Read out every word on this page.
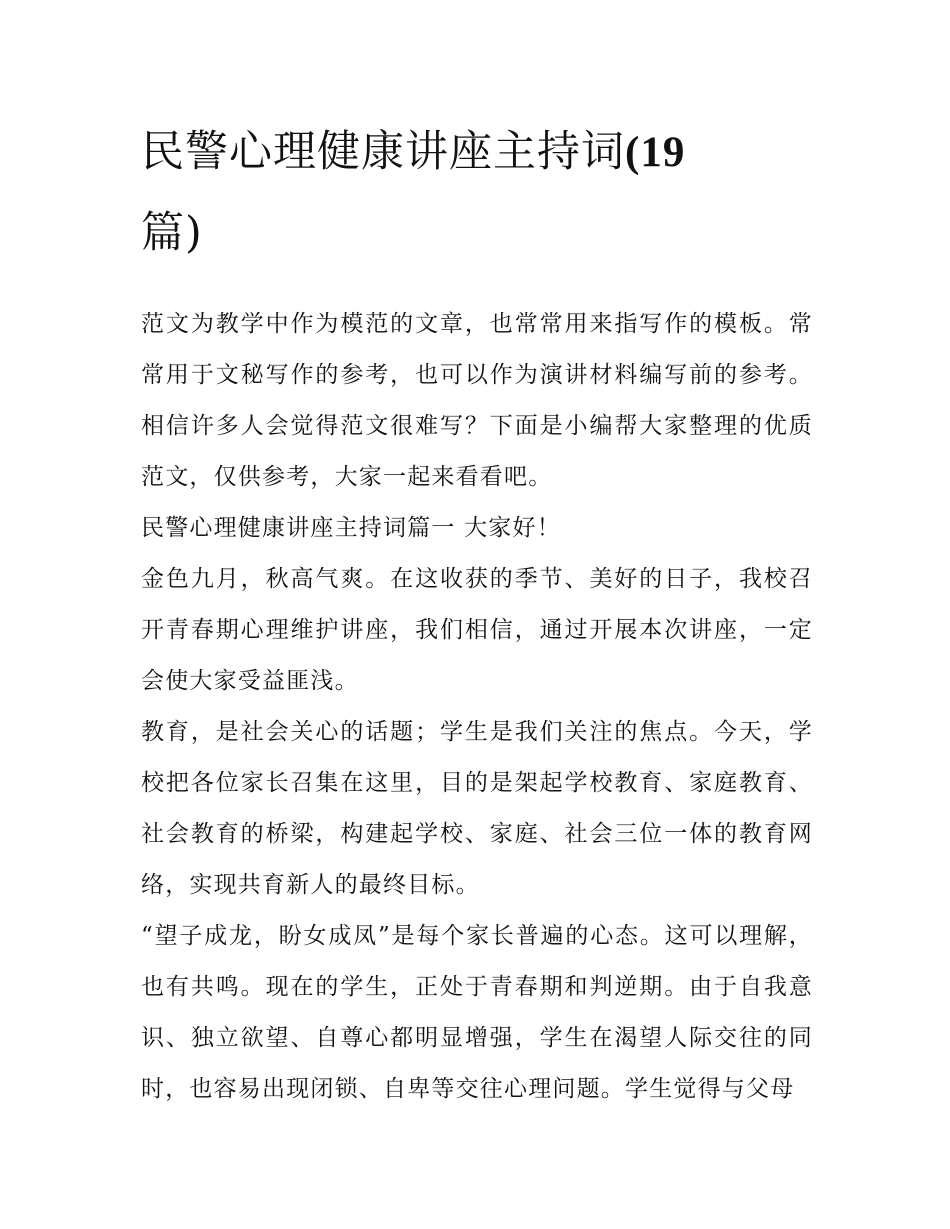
民警心理健康讲座主持词(19
篇)

范文为教学中作为模范的文章，也常常用来指写作的模板。常常用于文秘写作的参考，也可以作为演讲材料编写前的参考。相信许多人会觉得范文很难写？下面是小编帮大家整理的优质范文，仅供参考，大家一起来看看吧。

民警心理健康讲座主持词篇一 大家好！

金色九月，秋高气爽。在这收获的季节、美好的日子，我校召开青春期心理维护讲座，我们相信，通过开展本次讲座，一定会使大家受益匪浅。

教育，是社会关心的话题；学生是我们关注的焦点。今天，学校把各位家长召集在这里，目的是架起学校教育、家庭教育、社会教育的桥梁，构建起学校、家庭、社会三位一体的教育网络，实现共育新人的最终目标。

“望子成龙，盼女成凤”是每个家长普遍的心态。这可以理解，也有共鸣。现在的学生，正处于青春期和判逆期。由于自我意识、独立欲望、自尊心都明显增强，学生在渴望人际交往的同时，也容易出现闭锁、自卑等交往心理问题。学生觉得与父母
